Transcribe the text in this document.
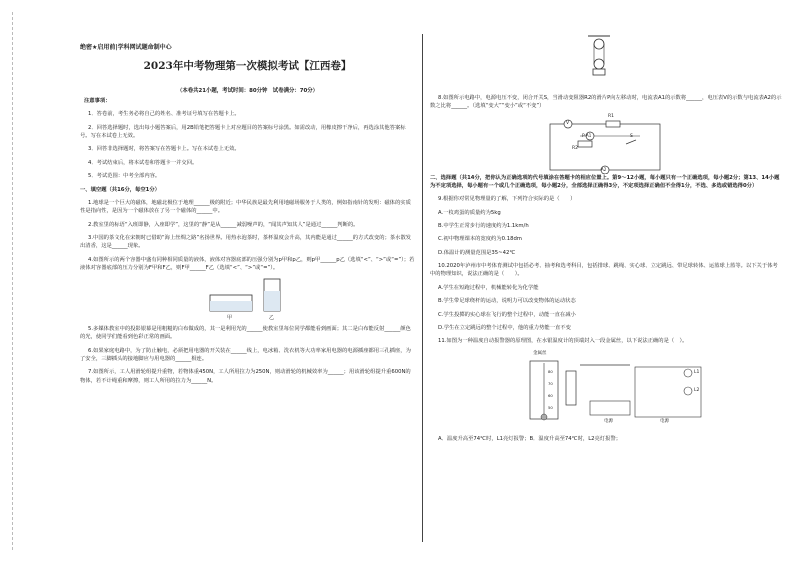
绝密★启用前|学科网试题命制中心
2023年中考物理第一次模拟考试【江西卷】
（本卷共21小题，考试时间：80分钟　试卷满分：70分）

注意事项：

1．答卷前，考生务必将自己的姓名、准考证号填写在答题卡上。

2．回答选择题时，选出每小题答案后，用2B铅笔把答题卡上对应题目的答案标号涂黑。如需改动，用橡皮擦干净后，再选涂其他答案标号。写在本试卷上无效。

3．回答非选择题时，将答案写在答题卡上。写在本试卷上无效。

4．考试结束后，将本试卷和答题卡一并交回。

5．考试范围：中考全部内容。

一、填空题（共16分，每空1分）

1.地球是一个巨大的磁体，地磁北极位于地理______极的附近；中华民族是最先利用地磁场服务于人类的，例如指南针的发明：磁体的实质性是指向性，是因为一个磁体放在了另一个磁体的______中。

2.教室里的标语“入班即静，入座即学”，这里的“静”是从______减弱噪声的，“闻其声知其人”是通过______判断的。

3.中国的茶文化在宋朝时已借助“海上丝绸之路”名扬世界。用热水泡茶时，茶杯温度会升高，其内能是通过______的方式改变的；茶水散发出清香，这是______现象。

4.如图所示的两个容器中盛有同种相同质量的液体，液体对容器底部的压强分别为p甲和p乙，则p甲______p乙（选填“<”、“>”或“=”）；若液体对容器底部的压力分别为F甲和F乙，则F甲______F乙（选填“<”、“>”或“=”）。

甲	乙

5.多媒体教室中的投影银幕是用粗糙的白布做成的，其一是利用光的______使教室里每位同学都能看到画面；其二是白布能反射______颜色的光，使同学们能看到色彩正常的画面。

6.如果家庭电路中，为了防止触电，必须把用电器的开关装在______线上，电冰箱、洗衣机等大功率家用电器的电源插座都用三孔插座，为了安全，三脚插头的接地脚应与用电器的______相连。

7.如图所示，工人用滑轮组提升重物，若物体重450N，工人所用拉力为250N，则动滑轮的机械效率为______；用该滑轮组提升重600N的物体，若不计绳重和摩擦，则工人所用的拉力为______N。

8.如图所示电路中，电源电压不变，闭合开关S，当滑动变阻器R2的滑片P向左移动时，电流表A1的示数将______，电压表V的示数与电流表A2的示数之比将______。（选填“变大”“变小”或“不变”）

V
R1
A1
R2
P	S
A2

二、选择题（共14分，把你认为正确选项的代号填涂在答题卡的相应位置上。第9～12小题，每小题只有一个正确选项，每小题2分；第13、14小题为不定项选择，每小题有一个或几个正确选项，每小题2分，全部选择正确得3分，不定项选择正确但不全得1分，不选、多选或错选得0分）

9.根据你对常见物理量的了解，下列符合实际的是（　　）

A.一枚鸡蛋的质量约为5kg

B.中学生正常步行的速度约为1.1km/h

C.初中物理课本的宽度约为0.18dm

D.体温计的测量范围是35~42℃

10.2020年泸州市中考体育测试中包括必考、抽考和选考科目，包括排球、跳绳、实心球、立定跳远、带足球转体、运篮球上篮等。以下关于体考中的物理知识，说法正确的是（　　）。

A.学生在短跑过程中，机械能转化为化学能

B.学生带足球绕杆的运动，说明力可以改变物体的运动状态

C.学生投掷的实心球在飞行的整个过程中，动能一直在减小

D.学生在立定跳远的整个过程中，他的重力势能一直不变

11.如图为一种温度自动报警器的原理图，在水银温度计的顶端封入一段金属丝，以下说法正确的是（　）。

金属丝
80
70
60
50
L1
L2
电源	电源

A．温度升高至74℃时，L1亮灯报警；B．温度升高至74℃时，L2亮灯报警；
